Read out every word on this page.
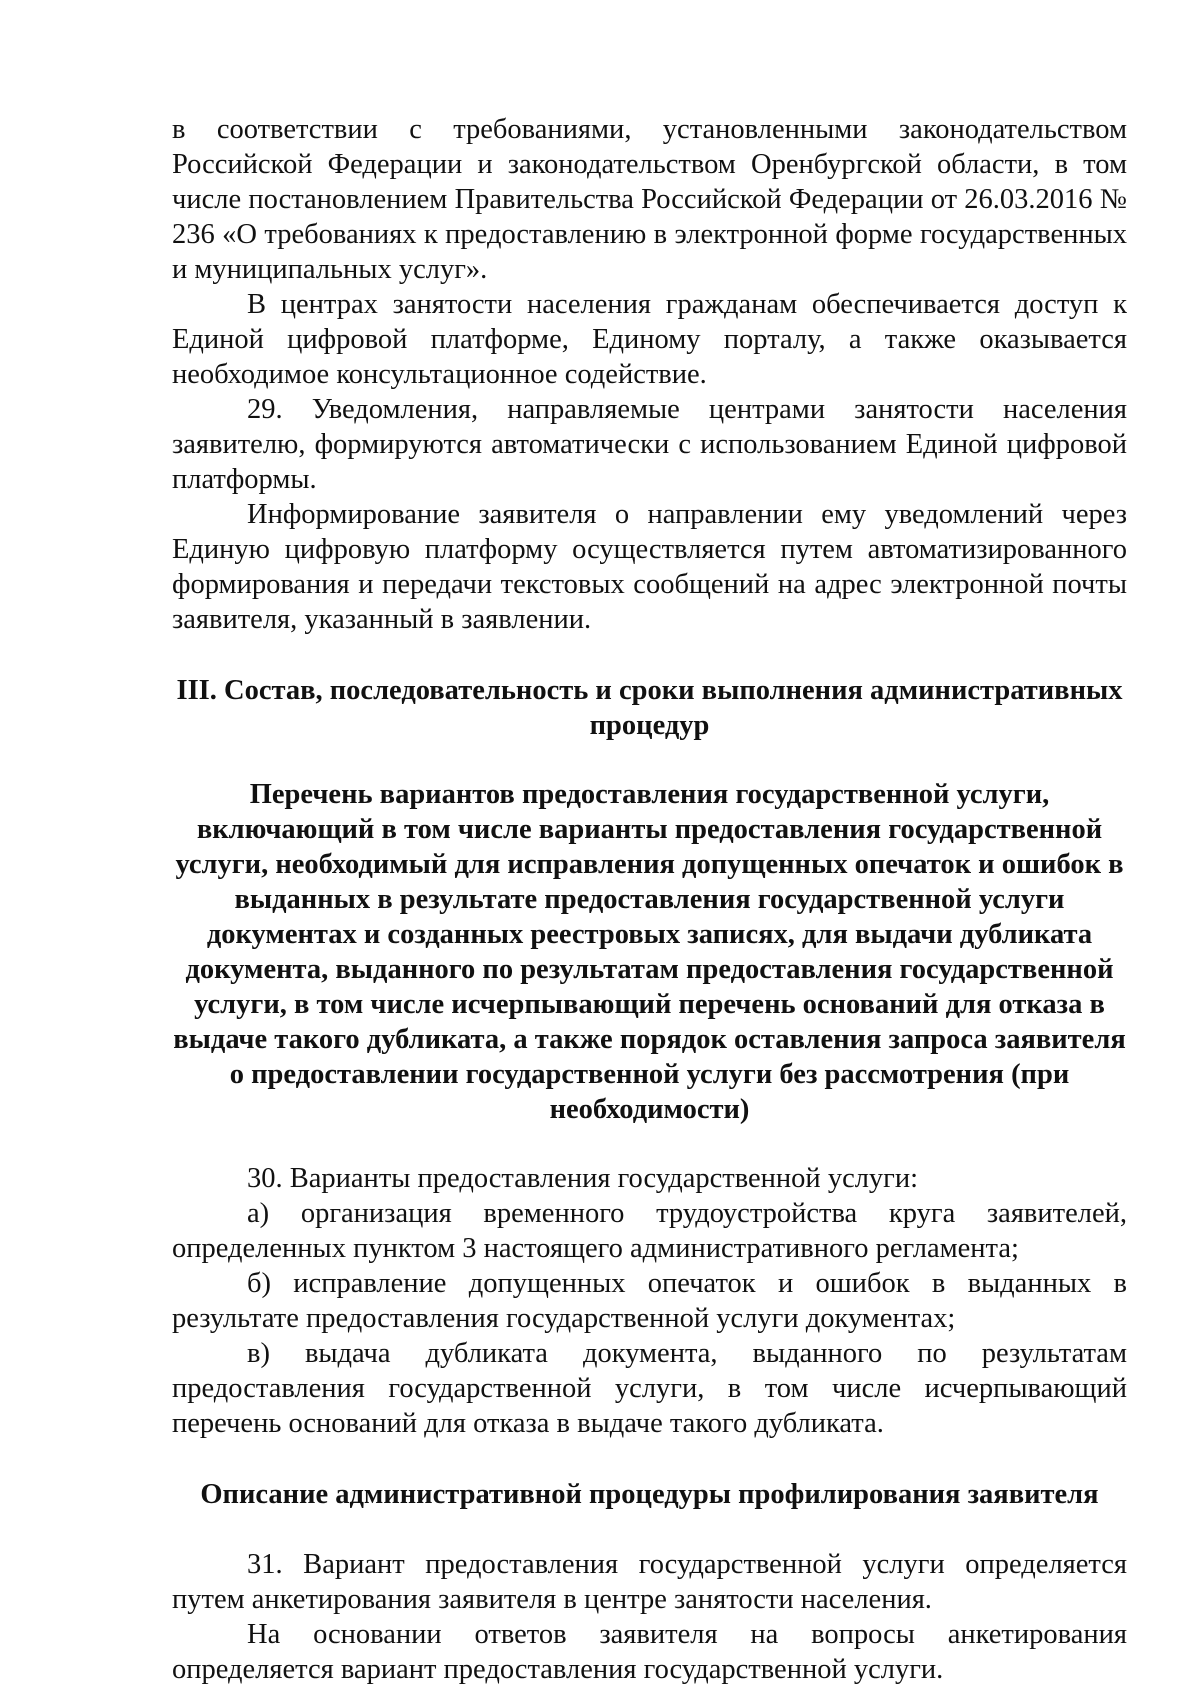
в соответствии с требованиями, установленными законодательством Российской Федерации и законодательством Оренбургской области, в том числе постановлением Правительства Российской Федерации от 26.03.2016 № 236 «О требованиях к предоставлению в электронной форме государственных и муниципальных услуг».

В центрах занятости населения гражданам обеспечивается доступ к Единой цифровой платформе, Единому порталу, а также оказывается необходимое консультационное содействие.

29. Уведомления, направляемые центрами занятости населения заявителю, формируются автоматически с использованием Единой цифровой платформы.

Информирование заявителя о направлении ему уведомлений через Единую цифровую платформу осуществляется путем автоматизированного формирования и передачи текстовых сообщений на адрес электронной почты заявителя, указанный в заявлении.

III. Состав, последовательность и сроки выполнения административных процедур

Перечень вариантов предоставления государственной услуги, включающий в том числе варианты предоставления государственной услуги, необходимый для исправления допущенных опечаток и ошибок в выданных в результате предоставления государственной услуги документах и созданных реестровых записях, для выдачи дубликата документа, выданного по результатам предоставления государственной услуги, в том числе исчерпывающий перечень оснований для отказа в выдаче такого дубликата, а также порядок оставления запроса заявителя о предоставлении государственной услуги без рассмотрения (при необходимости)

30. Варианты предоставления государственной услуги:

а) организация временного трудоустройства круга заявителей, определенных пунктом 3 настоящего административного регламента;

б) исправление допущенных опечаток и ошибок в выданных в результате предоставления государственной услуги документах;

в) выдача дубликата документа, выданного по результатам предоставления государственной услуги, в том числе исчерпывающий перечень оснований для отказа в выдаче такого дубликата.

Описание административной процедуры профилирования заявителя

31. Вариант предоставления государственной услуги определяется путем анкетирования заявителя в центре занятости населения.

На основании ответов заявителя на вопросы анкетирования определяется вариант предоставления государственной услуги.
